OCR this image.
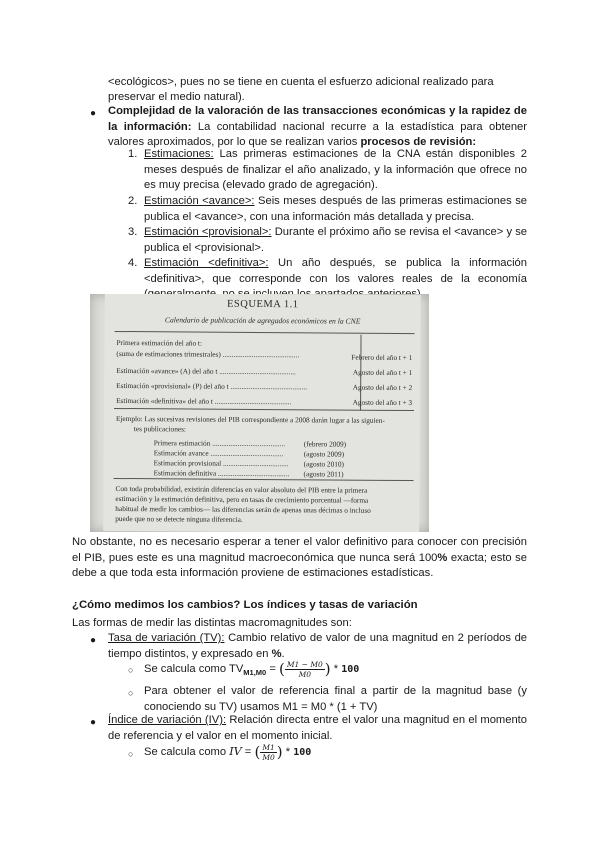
<ecológicos>, pues no se tiene en cuenta el esfuerzo adicional realizado para
preservar el medio natural).
● Complejidad de la valoración de las transacciones económicas y la rapidez de la información: La contabilidad nacional recurre a la estadística para obtener valores aproximados, por lo que se realizan varios procesos de revisión:
1. Estimaciones: Las primeras estimaciones de la CNA están disponibles 2 meses después de finalizar el año analizado, y la información que ofrece no es muy precisa (elevado grado de agregación).
2. Estimación <avance>: Seis meses después de las primeras estimaciones se publica el <avance>, con una información más detallada y precisa.
3. Estimación <provisional>: Durante el próximo año se revisa el <avance> y se publica el <provisional>.
4. Estimación <definitiva>: Un año después, se publica la información <definitiva>, que corresponde con los valores reales de la economía
ESQUEMA 1.1
Calendario de publicación de agregados económicos en la CNE
Primera estimación del año t:
(suma de estimaciones trimestrales) ..........................................	Febrero del año t + 1
Estimación «avance» (A) del año t ..........................................	Agosto del año t + 1
Estimación «provisional» (P) del año t ..........................................	Agosto del año t + 2
Estimación «definitiva» del año t ..........................................	Agosto del año t + 3
Ejemplo: Las sucesivas revisiones del PIB correspondiente a 2008 darán lugar a las siguien-
tes publicaciones:
Primera estimación ........................................	(febrero 2009)
Estimación avance ........................................	(agosto 2009)
Estimación provisional ....................................	(agosto 2010)
Estimación definitiva .......................................	(agosto 2011)
Con toda probabilidad, existirán diferencias en valor absoluto del PIB entre la primera
estimación y la estimación definitiva, pero en tasas de crecimiento porcentual —forma
habitual de medir los cambios— las diferencias serán de apenas unas décimas o incluso
puede que no se detecte ninguna diferencia.
No obstante, no es necesario esperar a tener el valor definitivo para conocer con precisión el PIB, pues este es una magnitud macroeconómica que nunca será 100% exacta; esto se debe a que toda esta información proviene de estimaciones estadísticas.
¿Cómo medimos los cambios? Los índices y tasas de variación
Las formas de medir las distintas macromagnitudes son:
● Tasa de variación (TV): Cambio relativo de valor de una magnitud en 2 períodos de tiempo distintos, y expresado en %.
○ Se calcula como $TV_{M1,M0}$ = ( $\frac{M1 - M0}{M0}$ ) * 100
○ Para obtener el valor de referencia final a partir de la magnitud base (y conociendo su TV) usamos M1 = M0 * (1 + TV)
● Índice de variación (IV): Relación directa entre el valor una magnitud en el momento de referencia y el valor en el momento inicial.
○ Se calcula como IV = ( $\frac{M1}{M0}$ ) * 100
